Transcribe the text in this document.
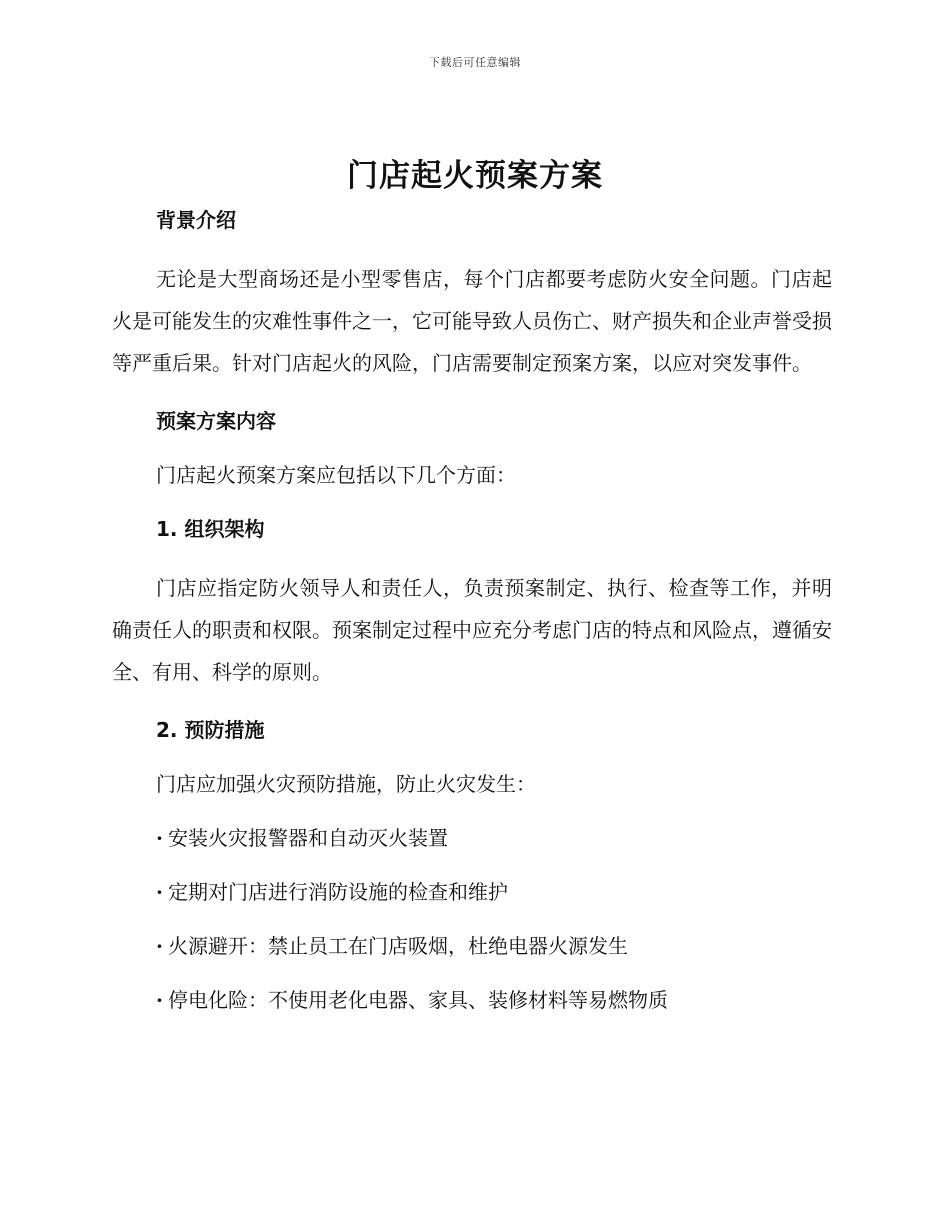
下载后可任意编辑
门店起火预案方案
背景介绍

无论是大型商场还是小型零售店，每个门店都要考虑防火安全问题。门店起火是可能发生的灾难性事件之一，它可能导致人员伤亡、财产损失和企业声誉受损等严重后果。针对门店起火的风险，门店需要制定预案方案，以应对突发事件。

预案方案内容
门店起火预案方案应包括以下几个方面：
1. 组织架构

门店应指定防火领导人和责任人，负责预案制定、执行、检查等工作，并明确责任人的职责和权限。预案制定过程中应充分考虑门店的特点和风险点，遵循安全、有用、科学的原则。

2. 预防措施
门店应加强火灾预防措施，防止火灾发生：
· 安装火灾报警器和自动灭火装置
· 定期对门店进行消防设施的检查和维护
· 火源避开：禁止员工在门店吸烟，杜绝电器火源发生
· 停电化险：不使用老化电器、家具、装修材料等易燃物质
